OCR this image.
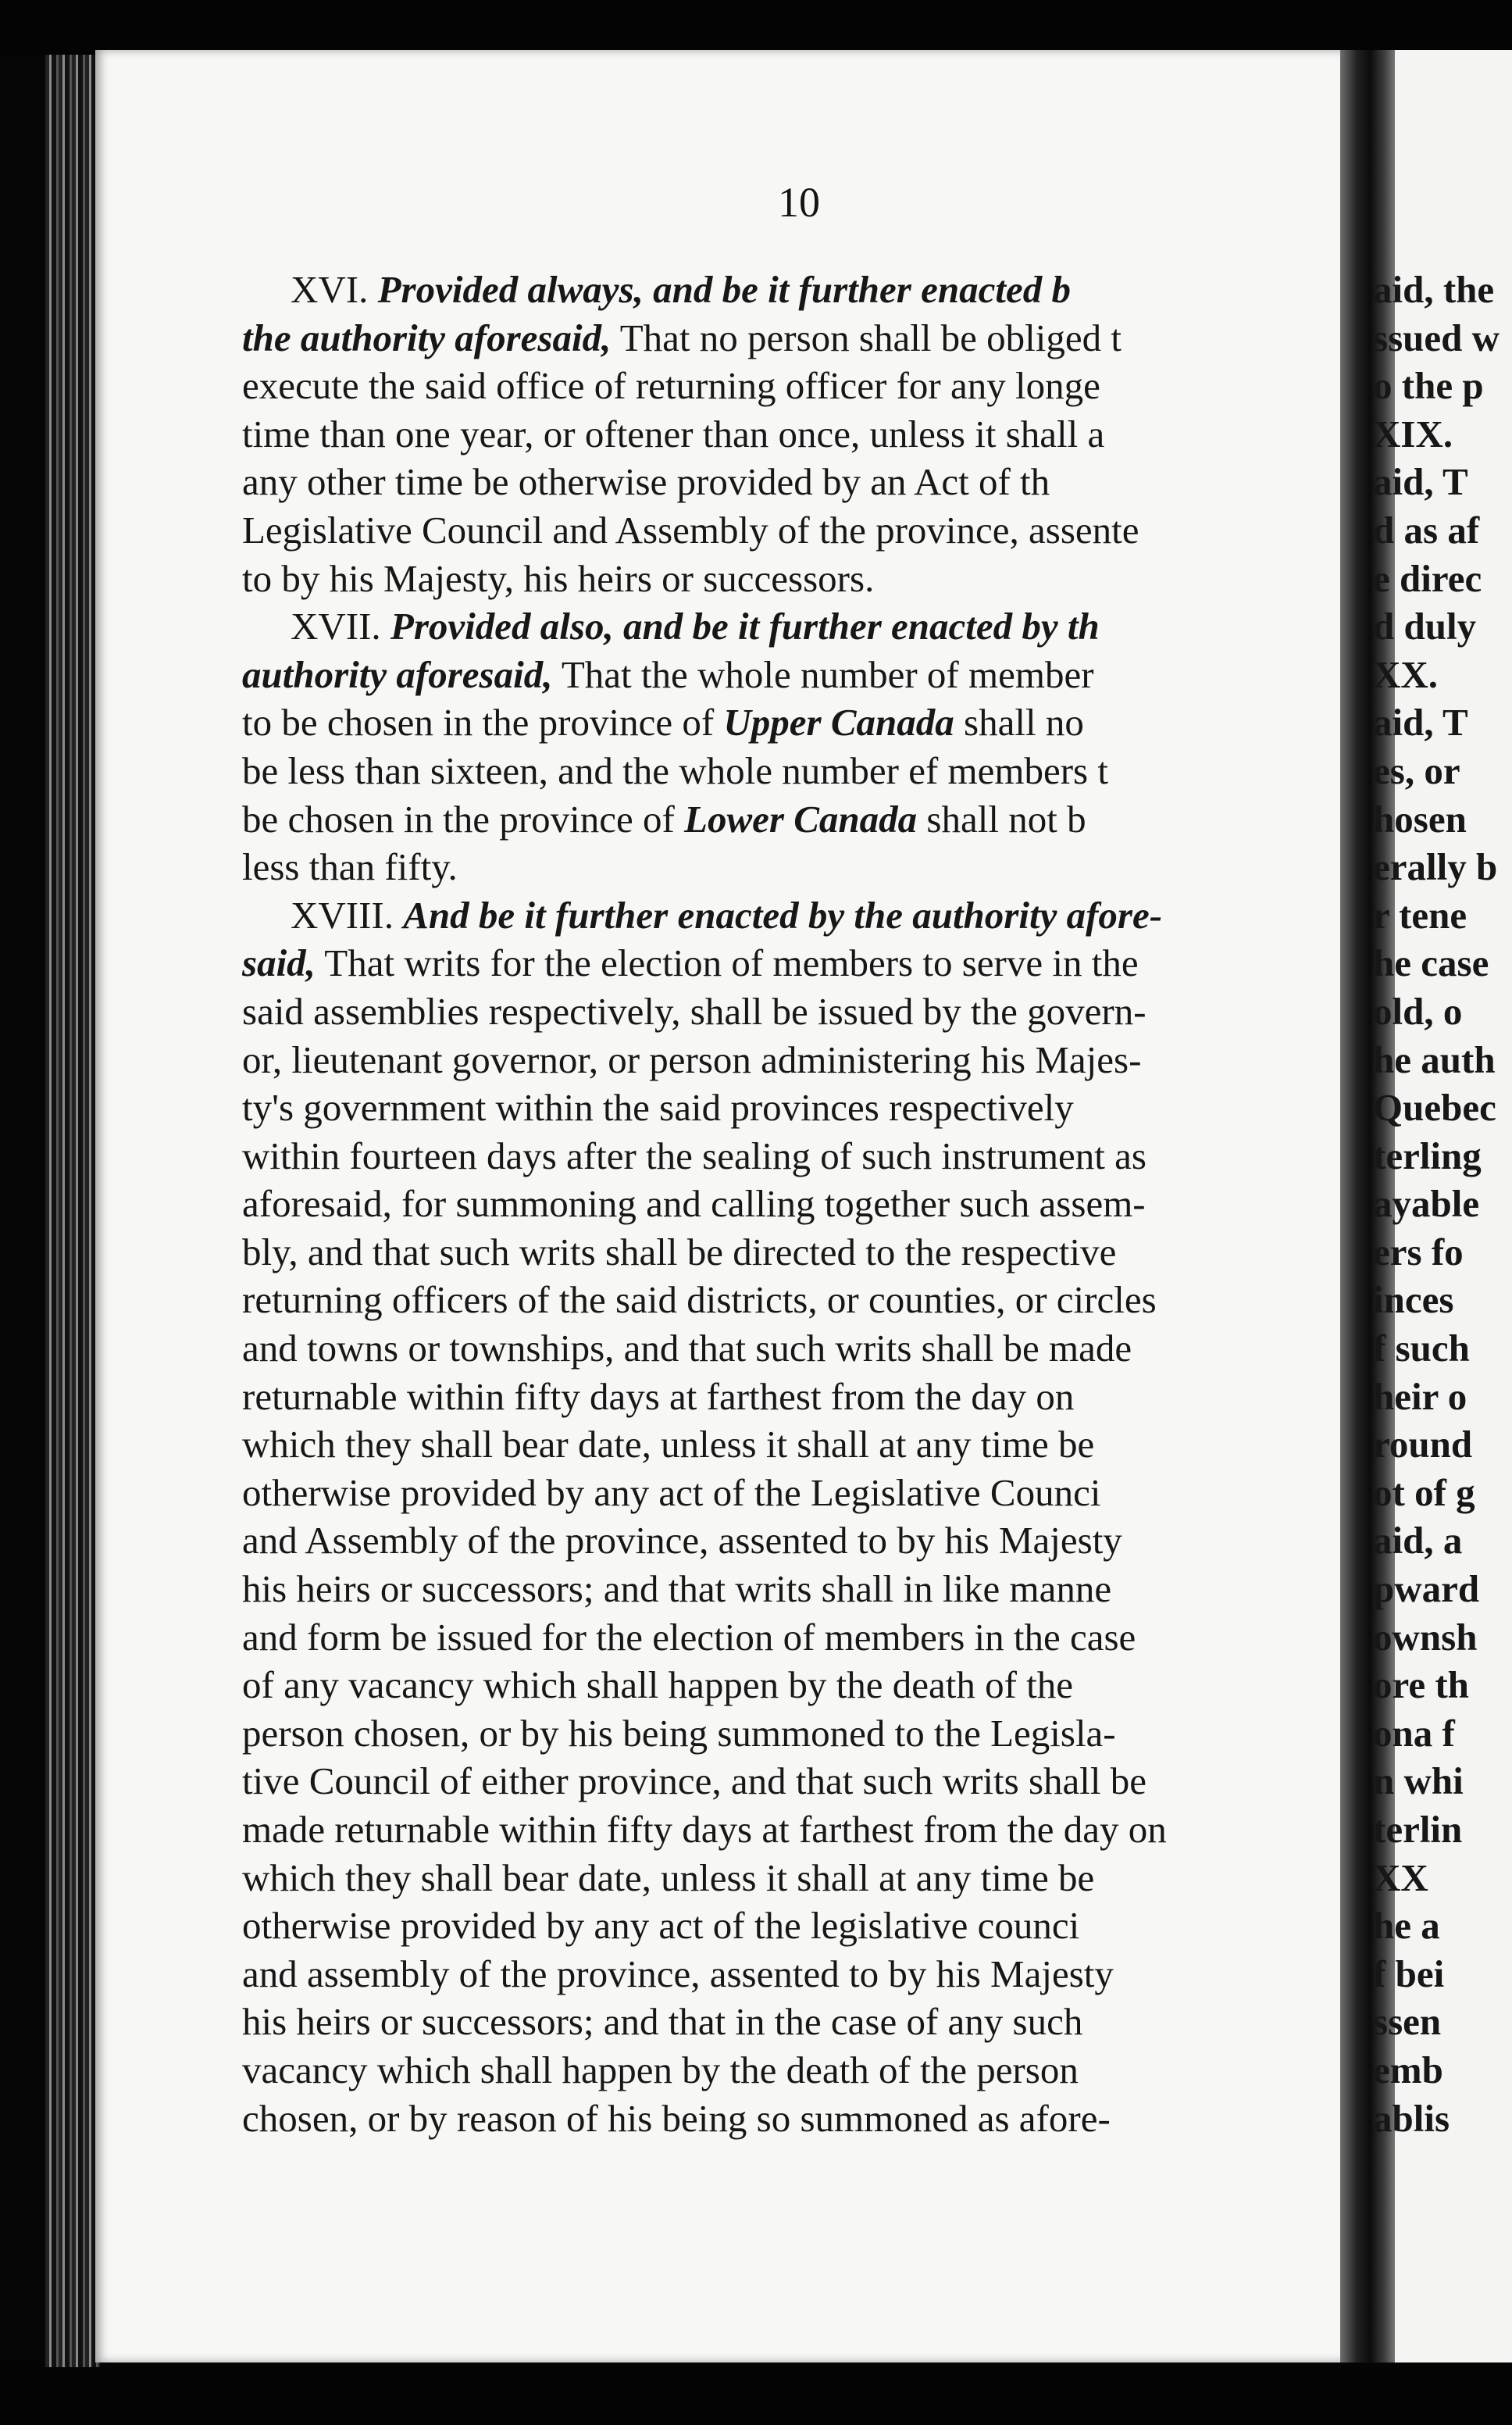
10
XVI. Provided always, and be it further enacted b
the authority aforesaid, That no person shall be obliged t
execute the said office of returning officer for any longe
time than one year, or oftener than once, unless it shall a
any other time be otherwise provided by an Act of th
Legislative Council and Assembly of the province, assente
to by his Majesty, his heirs or successors.
XVII. Provided also, and be it further enacted by th
authority aforesaid, That the whole number of member
to be chosen in the province of Upper Canada shall no
be less than sixteen, and the whole number ef members t
be chosen in the province of Lower Canada shall not b
less than fifty.
XVIII. And be it further enacted by the authority afore-
said, That writs for the election of members to serve in the
said assemblies respectively, shall be issued by the govern-
or, lieutenant governor, or person administering his Majes-
ty's government within the said provinces respectively
within fourteen days after the sealing of such instrument as
aforesaid, for summoning and calling together such assem-
bly, and that such writs shall be directed to the respective
returning officers of the said districts, or counties, or circles
and towns or townships, and that such writs shall be made
returnable within fifty days at farthest from the day on
which they shall bear date, unless it shall at any time be
otherwise provided by any act of the Legislative Counci
and Assembly of the province, assented to by his Majesty
his heirs or successors; and that writs shall in like manne
and form be issued for the election of members in the case
of any vacancy which shall happen by the death of the
person chosen, or by his being summoned to the Legisla-
tive Council of either province, and that such writs shall be
made returnable within fifty days at farthest from the day on
which they shall bear date, unless it shall at any time be
otherwise provided by any act of the legislative counci
and assembly of the province, assented to by his Majesty
his heirs or successors; and that in the case of any such
vacancy which shall happen by the death of the person
chosen, or by reason of his being so summoned as afore-
aid, the
ssued w
o the p
XIX.
aid, T
d as af
e direc
d duly
XX.
aid, T
es, or
hosen
erally b
r tene
he case
old, o
he auth
Quebec
terling
ayable
ers fo
inces
f such
heir o
round
ot of g
aid, a
pward
ownsh
ore th
ona f
n whi
terlin
XX
he a
f bei
ssen
emb
ablis
